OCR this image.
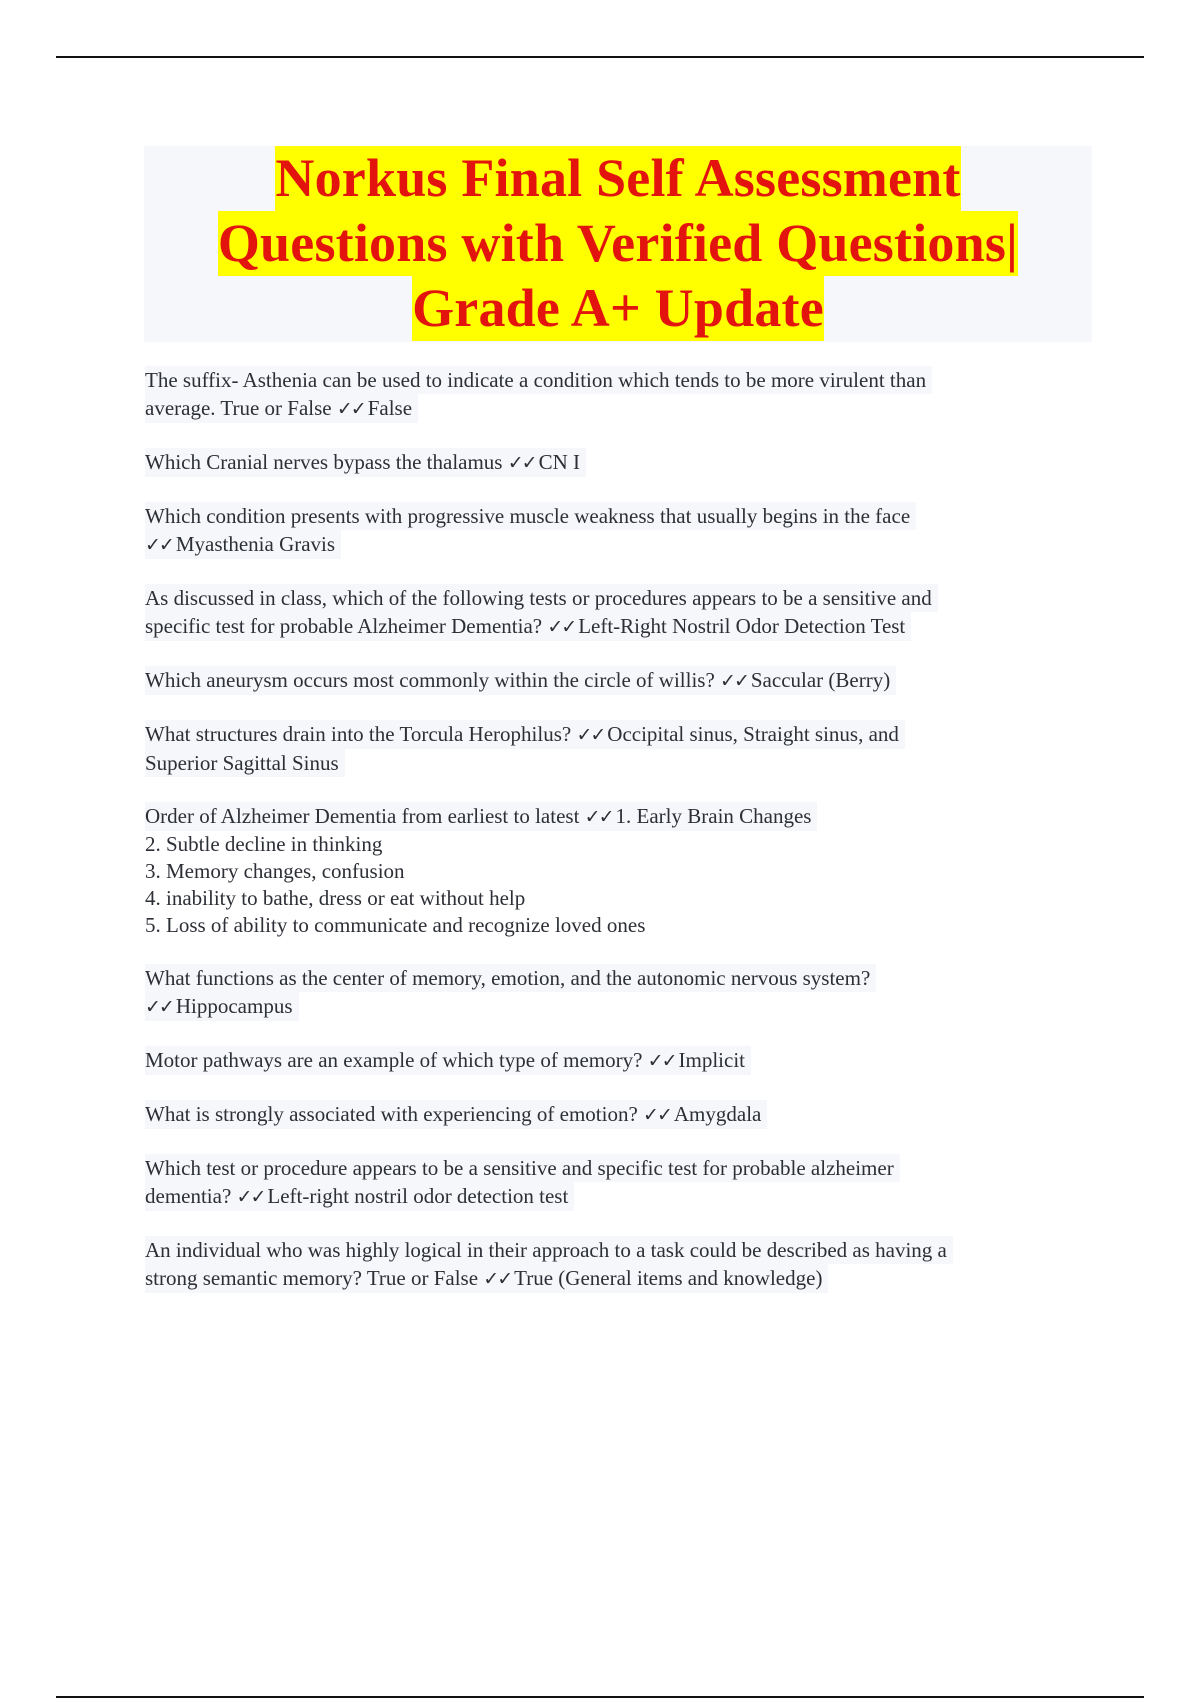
Norkus Final Self Assessment
Questions with Verified Questions|
Grade A+ Update
The suffix- Asthenia can be used to indicate a condition which tends to be more virulent than
average. True or False ✓✓ False
Which Cranial nerves bypass the thalamus ✓✓ CN I
Which condition presents with progressive muscle weakness that usually begins in the face
✓✓ Myasthenia Gravis
As discussed in class, which of the following tests or procedures appears to be a sensitive and
specific test for probable Alzheimer Dementia? ✓✓ Left-Right Nostril Odor Detection Test
Which aneurysm occurs most commonly within the circle of willis? ✓✓ Saccular (Berry)
What structures drain into the Torcula Herophilus? ✓✓ Occipital sinus, Straight sinus, and
Superior Sagittal Sinus
Order of Alzheimer Dementia from earliest to latest ✓✓ 1. Early Brain Changes
2. Subtle decline in thinking
3. Memory changes, confusion
4. inability to bathe, dress or eat without help
5. Loss of ability to communicate and recognize loved ones
What functions as the center of memory, emotion, and the autonomic nervous system?
✓✓ Hippocampus
Motor pathways are an example of which type of memory? ✓✓ Implicit
What is strongly associated with experiencing of emotion? ✓✓ Amygdala
Which test or procedure appears to be a sensitive and specific test for probable alzheimer
dementia? ✓✓ Left-right nostril odor detection test
An individual who was highly logical in their approach to a task could be described as having a
strong semantic memory? True or False ✓✓ True (General items and knowledge)
